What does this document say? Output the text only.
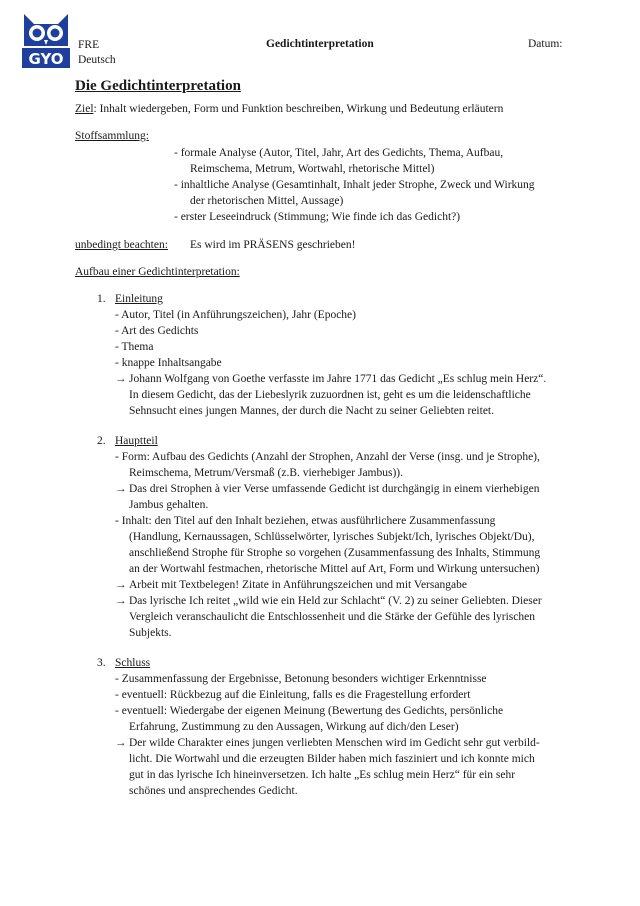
GYO
FRE
Deutsch
Gedichtinterpretation	Datum:
Die Gedichtinterpretation
Ziel: Inhalt wiedergeben, Form und Funktion beschreiben, Wirkung und Bedeutung erläutern
Stoffsammlung:
- formale Analyse (Autor, Titel, Jahr, Art des Gedichts, Thema, Aufbau,
Reimschema, Metrum, Wortwahl, rhetorische Mittel)
- inhaltliche Analyse (Gesamtinhalt, Inhalt jeder Strophe, Zweck und Wirkung
der rhetorischen Mittel, Aussage)
- erster Leseeindruck (Stimmung; Wie finde ich das Gedicht?)
unbedingt beachten: Es wird im PRÄSENS geschrieben!
Aufbau einer Gedichtinterpretation:
1. Einleitung
- Autor, Titel (in Anführungszeichen), Jahr (Epoche)
- Art des Gedichts
- Thema
- knappe Inhaltsangabe
→ Johann Wolfgang von Goethe verfasste im Jahre 1771 das Gedicht „Es schlug mein Herz“.
In diesem Gedicht, das der Liebeslyrik zuzuordnen ist, geht es um die leidenschaftliche
Sehnsucht eines jungen Mannes, der durch die Nacht zu seiner Geliebten reitet.
2. Hauptteil
- Form: Aufbau des Gedichts (Anzahl der Strophen, Anzahl der Verse (insg. und je Strophe),
Reimschema, Metrum/Versmaß (z.B. vierhebiger Jambus)).
→ Das drei Strophen à vier Verse umfassende Gedicht ist durchgängig in einem vierhebigen
Jambus gehalten.
- Inhalt: den Titel auf den Inhalt beziehen, etwas ausführlichere Zusammenfassung
(Handlung, Kernaussagen, Schlüsselwörter, lyrisches Subjekt/Ich, lyrisches Objekt/Du),
anschließend Strophe für Strophe so vorgehen (Zusammenfassung des Inhalts, Stimmung
an der Wortwahl festmachen, rhetorische Mittel auf Art, Form und Wirkung untersuchen)
→ Arbeit mit Textbelegen! Zitate in Anführungszeichen und mit Versangabe
→ Das lyrische Ich reitet „wild wie ein Held zur Schlacht“ (V. 2) zu seiner Geliebten. Dieser
Vergleich veranschaulicht die Entschlossenheit und die Stärke der Gefühle des lyrischen
Subjekts.
3. Schluss
- Zusammenfassung der Ergebnisse, Betonung besonders wichtiger Erkenntnisse
- eventuell: Rückbezug auf die Einleitung, falls es die Fragestellung erfordert
- eventuell: Wiedergabe der eigenen Meinung (Bewertung des Gedichts, persönliche
Erfahrung, Zustimmung zu den Aussagen, Wirkung auf dich/den Leser)
→ Der wilde Charakter eines jungen verliebten Menschen wird im Gedicht sehr gut verbild-
licht. Die Wortwahl und die erzeugten Bilder haben mich fasziniert und ich konnte mich
gut in das lyrische Ich hineinversetzen. Ich halte „Es schlug mein Herz“ für ein sehr
schönes und ansprechendes Gedicht.
